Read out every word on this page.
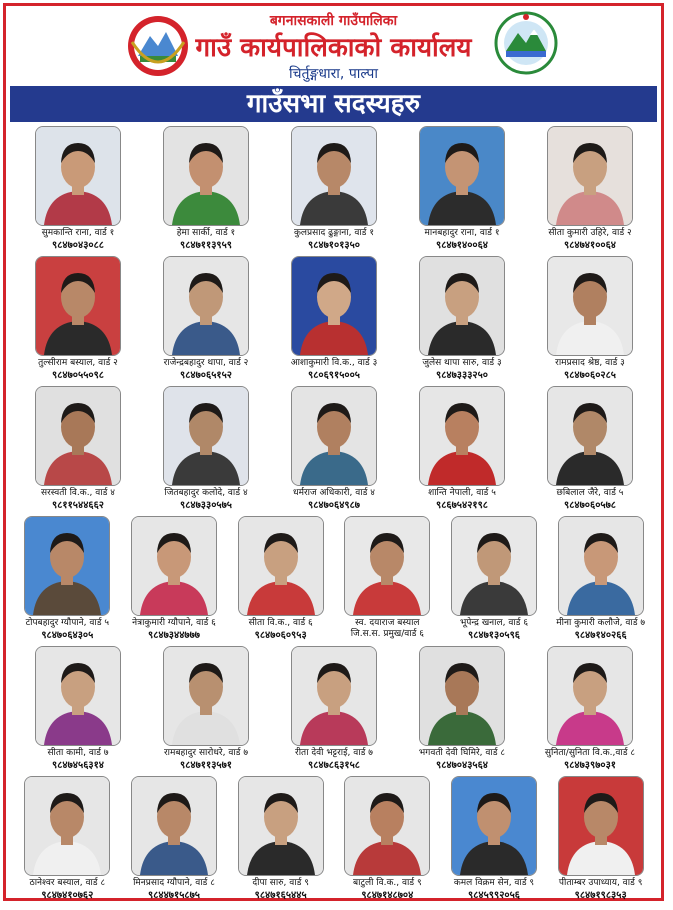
बगनासकाली गाउँपालिका
गाउँ कार्यपालिकाको कार्यालय
चिर्तुङ्गधारा, पाल्पा
गाउँसभा सदस्यहरु
सुमकान्ति राना, वार्ड १
९८४७०४३०८८
हेमा सार्की, वार्ड १
९८४७११३९५९
कुलप्रसाद ढुङ्गाना, वार्ड १
९८४७१०१३५०
मानबहादुर राना, वार्ड १
९८४७१४००६४
सीता कुमारी उहिरे, वार्ड २
९८४७४१००६४
तुल्सीराम बस्याल, वार्ड २
९८४७०५५०९८
राजेन्द्रबहादुर थापा, वार्ड २
९८४७०६५१५२
आशाकुमारी वि.क., वार्ड ३
९८०६९१५००५
जुलेस थापा सारु, वार्ड ३
९८४७३३३२५०
रामप्रसाद श्रेष्ठ, वार्ड ३
९८४७०६०२८५
सरस्वती वि.क., वार्ड ४
९८११५४४६६२
जितबहादुर कलोदे, वार्ड ४
९८४७३३०५७५
धर्मराज अधिकारी, वार्ड ४
९८४७०६४९८७
शान्ति नेपाली, वार्ड ५
९८६७५४२१९८
छबिलाल जैरे, वार्ड ५
९८४७०६०५७८
टोपबहादुर ग्यौपाने, वार्ड ५
९८४७०६४३०५
नेत्राकुमारी ग्यौपाने, वार्ड ६
९८४७३४४७७७
सीता वि.क., वार्ड ६
९८४७०६०९५३
स्व. दयाराज बस्याल
जि.स.स. प्रमुख/वार्ड ६
भूपेन्द्र खनाल, वार्ड ६
९८४७१३०५९६
मीना कुमारी कलौजे, वार्ड ७
९८४७१४०२६६
सीता कामी, वार्ड ७
९८४७४५६३१४
रामबहादुर सारोधरे, वार्ड ७
९८४७११३५७१
रीता देवी भट्टराई, वार्ड ७
९८४७८६३१५८
भगवती देवी घिमिरे, वार्ड ८
९८४७०४३५६४
सुनिता/सुनिता वि.क.,वार्ड ८
९८४७३९७०३१
ठानेश्वर बस्याल, वार्ड ८
९८४७४१०७६२
मिनप्रसाद ग्यौपाने, वार्ड ८
९८४४७१५८७५
दीपा सारु, वार्ड ९
९८४७१६५४४५
बाटुली वि.क., वार्ड ९
९८४७१४८७०४
कमल विक्रम सेन, वार्ड ९
९८४५९९२०५६
पीताम्बर उपाध्याय, वार्ड ९
९८४७१९८३५३
